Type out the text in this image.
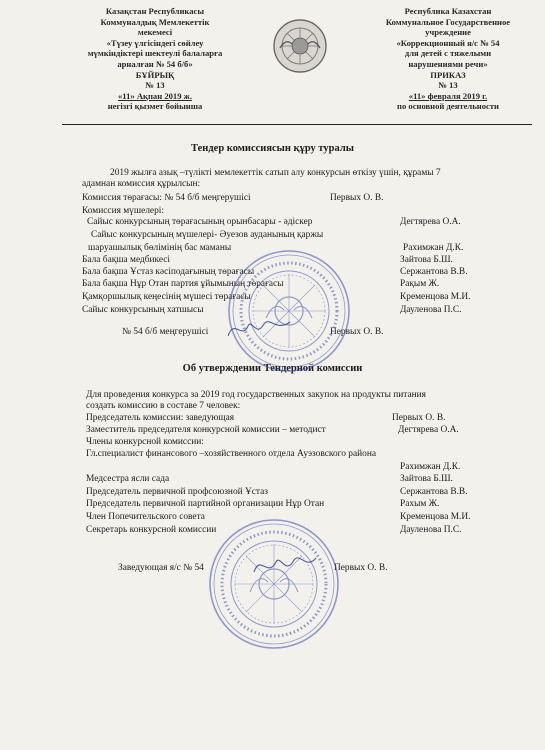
Казақстан Республикасы
Коммуналдық Мемлекеттік
мекемесі
«Түзеу үлгісіндегі сөйлеу
мүмкіндіктері шектеулі балаларға
арналған № 54 б/б»
БҰЙРЫҚ
№ 13
«11» Ақпан 2019 ж.
негізгі қызмет бойынша
Республика Казахстан
Коммунальное Государственное
учреждение
«Коррекционный я/с № 54
для детей с тяжелыми
нарушениями речи»
ПРИКАЗ
№ 13
«11» февраля 2019 г.
по основной деятельности
Тендер комиссиясын құру туралы
2019 жылға азық –түлікті мемлекеттік сатып алу конкурсын өткізу үшін, құрамы 7
адамнан комиссия құрылсын:
Комиссия төрағасы: № 54 б/б меңгерушісі	Первых О. В.
Комиссия мүшелері:
Сайыс конкурсының төрағасының орынбасары - әдіскер	Дегтярева О.А.
Сайыс конкурсының мүшелері- Әуезов ауданының қаржы
шаруашылық бөлімінің бас маманы	Рахимжан Д.К.
Бала бақша медбикесі	Зайтова Б.Ш.
Бала бақша Ұстаз кәсіподағының төрағасы	Сержантова В.В.
Бала бақша Нұр Отан партия ұйымының төрағасы	Рақым Ж.
Қамқоршылық кеңесінің мүшесі төрағасы	Кременцова М.И.
Сайыс конкурсының хатшысы	Дауленова П.С.
№ 54 б/б меңгерушісі	Первых О. В.
Об утверждении Тендерной комиссии
Для проведения конкурса за 2019 год государственных закупок на продукты питания
создать комиссию в составе 7 человек:
Председатель комиссии: заведующая	Первых О. В.
Заместитель председателя конкурсной комиссии – методист	Дегтярева О.А.
Члены конкурсной комиссии:
Гл.специалист финансового –хозяйственного отдела Ауэзовского района
Рахимжан Д.К.
Медсестра ясли сада	Зайтова Б.Ш.
Председатель первичной профсоюзной Ұстаз	Сержантова В.В.
Председатель первичной партийной организации Нұр Отан	Рахым Ж.
Член Попечительского совета	Кременцова М.И.
Секретарь конкурсной комиссии	Дауленова П.С.
Заведующая я/с № 54	Первых О. В.
